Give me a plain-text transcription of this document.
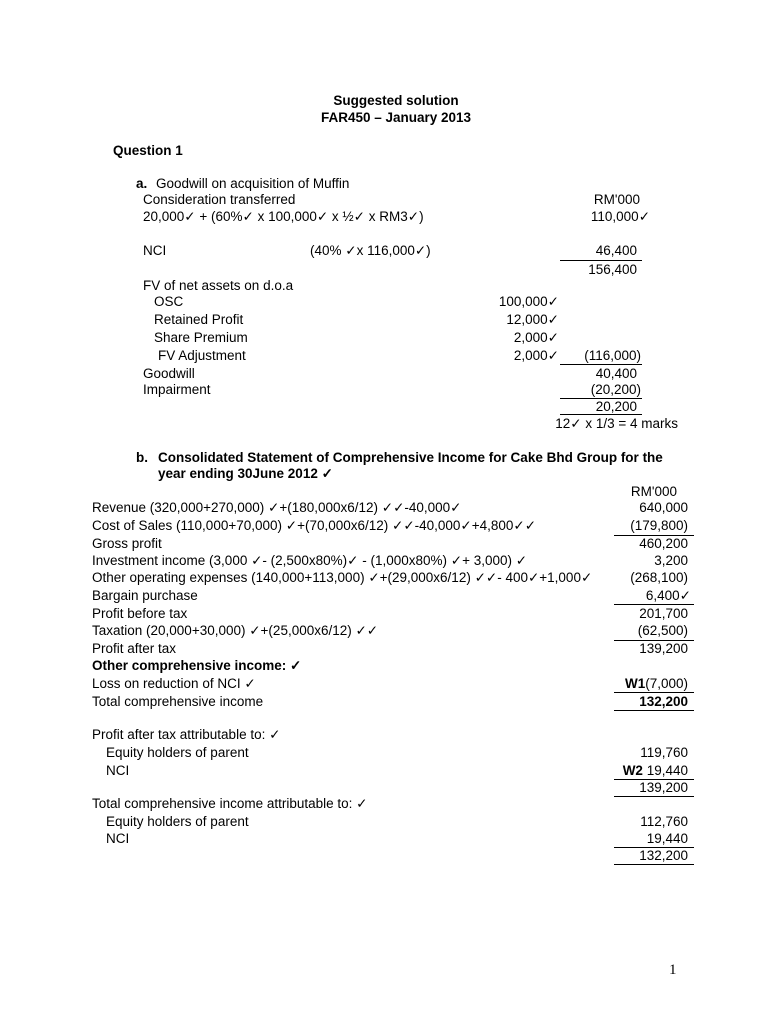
Suggested solution
FAR450 – January 2013
Question 1
a. Goodwill on acquisition of Muffin
Consideration transferred	RM'000
20,000✓ + (60%✓ x 100,000✓ x ½✓ x RM3✓)	110,000✓
NCI	(40% ✓x 116,000✓)	46,400
156,400
FV of net assets on d.o.a
OSC	100,000✓
Retained Profit	12,000✓
Share Premium	2,000✓
FV Adjustment	2,000✓	(116,000)
Goodwill	40,400
Impairment	(20,200)
20,200
12✓ x 1/3 = 4 marks
b. Consolidated Statement of Comprehensive Income for Cake Bhd Group for the
year ending 30June 2012 ✓
RM'000
Revenue (320,000+270,000) ✓+(180,000x6/12) ✓✓-40,000✓	640,000
Cost of Sales (110,000+70,000) ✓+(70,000x6/12) ✓✓-40,000✓+4,800✓✓	(179,800)
Gross profit	460,200
Investment income (3,000 ✓- (2,500x80%)✓ - (1,000x80%) ✓+ 3,000) ✓	3,200
Other operating expenses (140,000+113,000) ✓+(29,000x6/12) ✓✓- 400✓+1,000✓	(268,100)
Bargain purchase	6,400✓
Profit before tax	201,700
Taxation (20,000+30,000) ✓+(25,000x6/12) ✓✓	(62,500)
Profit after tax	139,200
Other comprehensive income: ✓
Loss on reduction of NCI ✓	W1(7,000)
Total comprehensive income	132,200
Profit after tax attributable to: ✓
Equity holders of parent	119,760
NCI	W2 19,440
139,200
Total comprehensive income attributable to: ✓
Equity holders of parent	112,760
NCI	19,440
132,200
1
